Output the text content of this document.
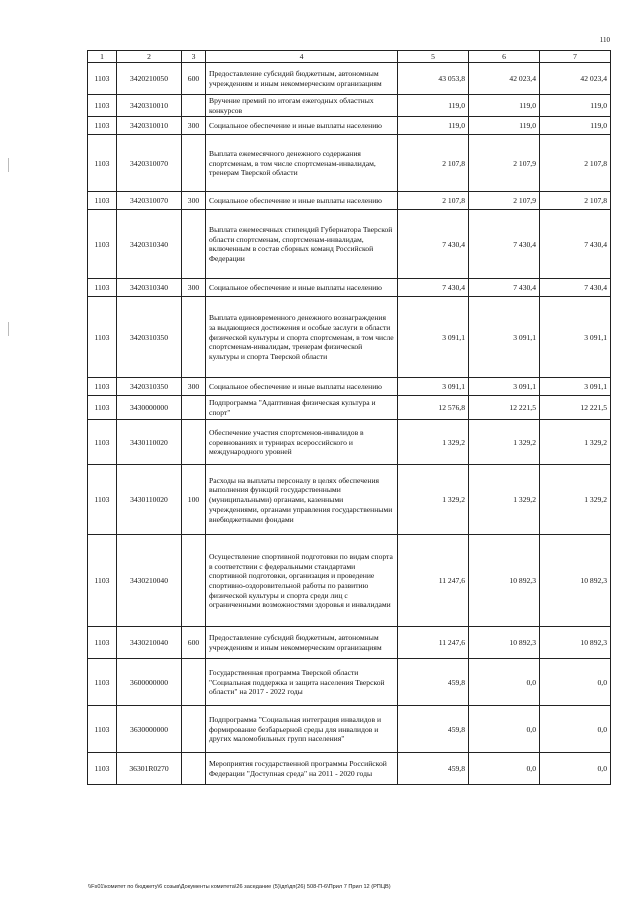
110
1	2	3	4	5	6	7
1103	3420210050	600	Предоставление субсидий бюджетным, автономным учреждениям и иным некоммерческим организациям	43 053,8	42 023,4	42 023,4
1103	3420310010		Вручение премий по итогам ежегодных областных конкурсов	119,0	119,0	119,0
1103	3420310010	300	Социальное обеспечение и иные выплаты населению	119,0	119,0	119,0
1103	3420310070		Выплата ежемесячного денежного содержания спортсменам, в том числе спортсменам-инвалидам, тренерам Тверской области	2 107,8	2 107,9	2 107,8
1103	3420310070	300	Социальное обеспечение и иные выплаты населению	2 107,8	2 107,9	2 107,8
1103	3420310340		Выплата ежемесячных стипендий Губернатора Тверской области спортсменам, спортсменам-инвалидам, включенным в состав сборных команд Российской Федерации	7 430,4	7 430,4	7 430,4
1103	3420310340	300	Социальное обеспечение и иные выплаты населению	7 430,4	7 430,4	7 430,4
1103	3420310350		Выплата единовременного денежного вознаграждения за выдающиеся достижения и особые заслуги в области физической культуры и спорта спортсменам, в том числе спортсменам-инвалидам, тренерам физической культуры и спорта Тверской области	3 091,1	3 091,1	3 091,1
1103	3420310350	300	Социальное обеспечение и иные выплаты населению	3 091,1	3 091,1	3 091,1
1103	3430000000		Подпрограмма "Адаптивная физическая культура и спорт"	12 576,8	12 221,5	12 221,5
1103	3430110020		Обеспечение участия спортсменов-инвалидов в соревнованиях и турнирах всероссийского и международного уровней	1 329,2	1 329,2	1 329,2
1103	3430110020	100	Расходы на выплаты персоналу в целях обеспечения выполнения функций государственными (муниципальными) органами, казенными учреждениями, органами управления государственными внебюджетными фондами	1 329,2	1 329,2	1 329,2
1103	3430210040		Осуществление спортивной подготовки по видам спорта в соответствии с федеральными стандартами спортивной подготовки, организация и проведение спортивно-оздоровительной работы по развитию физической культуры и спорта среди лиц с ограниченными возможностями здоровья и инвалидами	11 247,6	10 892,3	10 892,3
1103	3430210040	600	Предоставление субсидий бюджетным, автономным учреждениям и иным некоммерческим организациям	11 247,6	10 892,3	10 892,3
1103	3600000000		Государственная программа Тверской области "Социальная поддержка и защита населения Тверской области" на 2017 - 2022 годы	459,8	0,0	0,0
1103	3630000000		Подпрограмма "Социальная интеграция инвалидов и формирование безбарьерной среды для инвалидов и других маломобильных групп населения"	459,8	0,0	0,0
1103	36301R0270		Мероприятия государственной программы Российской Федерации "Доступная среда" на 2011 - 2020 годы	459,8	0,0	0,0
\\Fs01\комитет по бюджету\6 созыв\Документы комитета\26 заседание (5)\дп\дп(26) 508-П-6\Прил 7 Прил 12 (РПЦВ)
